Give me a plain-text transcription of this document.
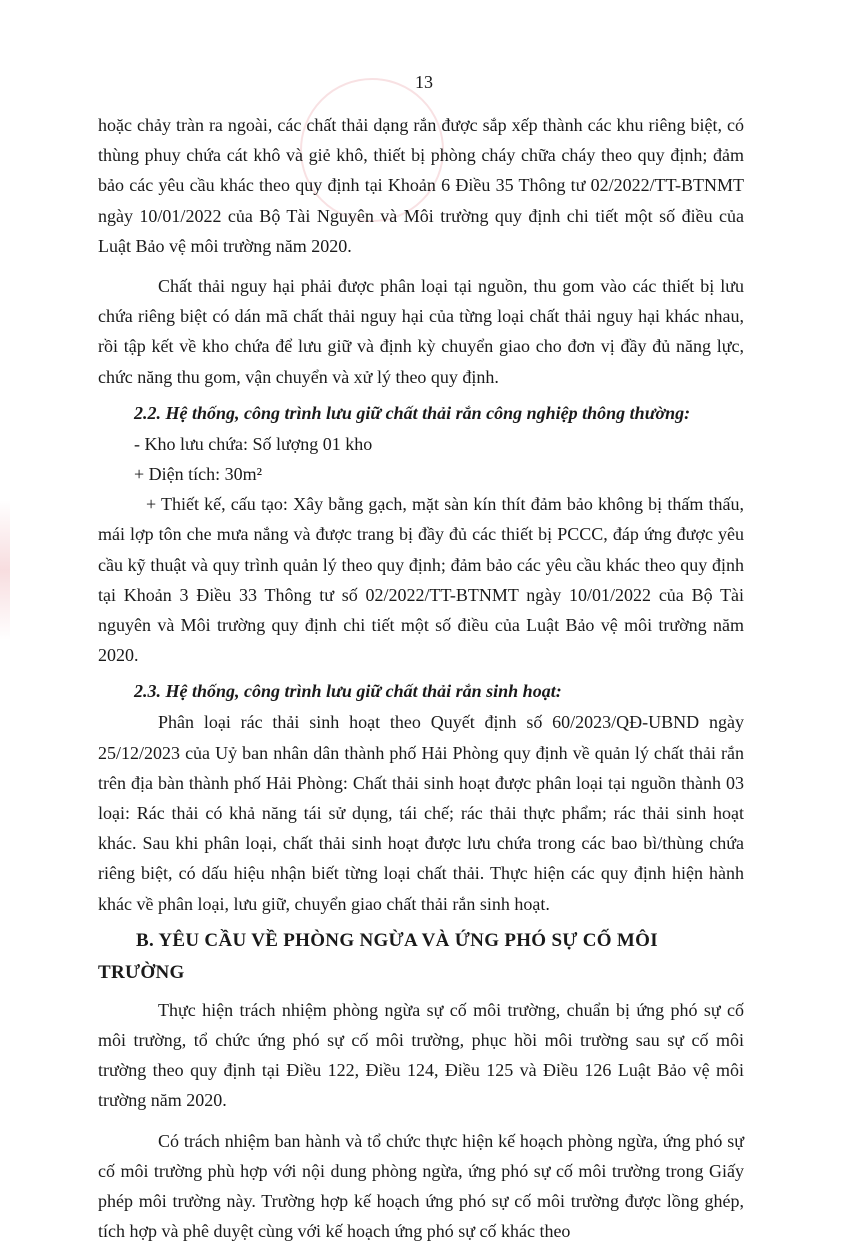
13

hoặc chảy tràn ra ngoài, các chất thải dạng rắn được sắp xếp thành các khu riêng biệt, có thùng phuy chứa cát khô và giẻ khô, thiết bị phòng cháy chữa cháy theo quy định; đảm bảo các yêu cầu khác theo quy định tại Khoản 6 Điều 35 Thông tư 02/2022/TT-BTNMT ngày 10/01/2022 của Bộ Tài Nguyên và Môi trường quy định chi tiết một số điều của Luật Bảo vệ môi trường năm 2020.

Chất thải nguy hại phải được phân loại tại nguồn, thu gom vào các thiết bị lưu chứa riêng biệt có dán mã chất thải nguy hại của từng loại chất thải nguy hại khác nhau, rồi tập kết về kho chứa để lưu giữ và định kỳ chuyển giao cho đơn vị đầy đủ năng lực, chức năng thu gom, vận chuyển và xử lý theo quy định.

2.2. Hệ thống, công trình lưu giữ chất thải rắn công nghiệp thông thường:

- Kho lưu chứa: Số lượng 01 kho

+ Diện tích: 30m²

+ Thiết kế, cấu tạo: Xây bằng gạch, mặt sàn kín thít đảm bảo không bị thấm thấu, mái lợp tôn che mưa nắng và được trang bị đầy đủ các thiết bị PCCC, đáp ứng được yêu cầu kỹ thuật và quy trình quản lý theo quy định; đảm bảo các yêu cầu khác theo quy định tại Khoản 3 Điều 33 Thông tư số 02/2022/TT-BTNMT ngày 10/01/2022 của Bộ Tài nguyên và Môi trường quy định chi tiết một số điều của Luật Bảo vệ môi trường năm 2020.

2.3. Hệ thống, công trình lưu giữ chất thải rắn sinh hoạt:

Phân loại rác thải sinh hoạt theo Quyết định số 60/2023/QĐ-UBND ngày 25/12/2023 của Uỷ ban nhân dân thành phố Hải Phòng quy định về quản lý chất thải rắn trên địa bàn thành phố Hải Phòng: Chất thải sinh hoạt được phân loại tại nguồn thành 03 loại: Rác thải có khả năng tái sử dụng, tái chế; rác thải thực phẩm; rác thải sinh hoạt khác. Sau khi phân loại, chất thải sinh hoạt được lưu chứa trong các bao bì/thùng chứa riêng biệt, có dấu hiệu nhận biết từng loại chất thải. Thực hiện các quy định hiện hành khác về phân loại, lưu giữ, chuyển giao chất thải rắn sinh hoạt.

B. YÊU CẦU VỀ PHÒNG NGỪA VÀ ỨNG PHÓ SỰ CỐ MÔI TRƯỜNG

Thực hiện trách nhiệm phòng ngừa sự cố môi trường, chuẩn bị ứng phó sự cố môi trường, tổ chức ứng phó sự cố môi trường, phục hồi môi trường sau sự cố môi trường theo quy định tại Điều 122, Điều 124, Điều 125 và Điều 126 Luật Bảo vệ môi trường năm 2020.

Có trách nhiệm ban hành và tổ chức thực hiện kế hoạch phòng ngừa, ứng phó sự cố môi trường phù hợp với nội dung phòng ngừa, ứng phó sự cố môi trường trong Giấy phép môi trường này. Trường hợp kế hoạch ứng phó sự cố môi trường được lồng ghép, tích hợp và phê duyệt cùng với kế hoạch ứng phó sự cố khác theo
